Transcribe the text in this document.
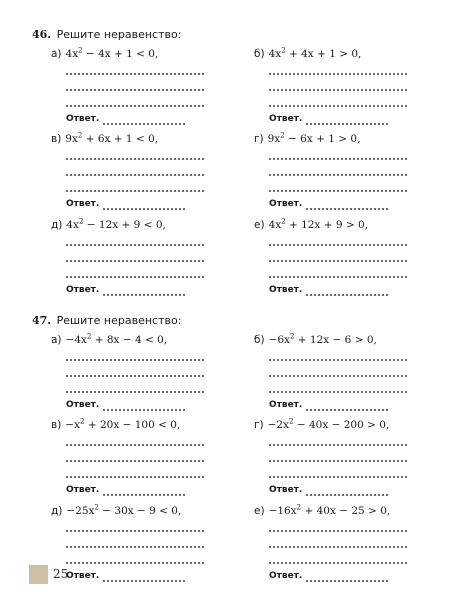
46. Решите неравенство:
а) $4x^2 - 4x + 1 < 0$,
Ответ.
б) $4x^2 + 4x + 1 > 0$,
Ответ.
в) $9x^2 + 6x + 1 < 0$,
Ответ.
г) $9x^2 - 6x + 1 > 0$,
Ответ.
д) $4x^2 - 12x + 9 < 0$,
Ответ.
е) $4x^2 + 12x + 9 > 0$,
Ответ.
47. Решите неравенство:
$а) -4x^2 + 8x - 4 < 0$,
Ответ.
$б) -6x^2 + 12x - 6 > 0$,
Ответ.
$в) -x^2 + 20x - 100 < 0$,
Ответ.
$г) -2x^2 - 40x - 200 > 0$,
Ответ.
$д) -25x^2 - 30x - 9 < 0$,
Ответ.
$е) -16x^2 + 40x - 25 > 0$,
Ответ.
25
